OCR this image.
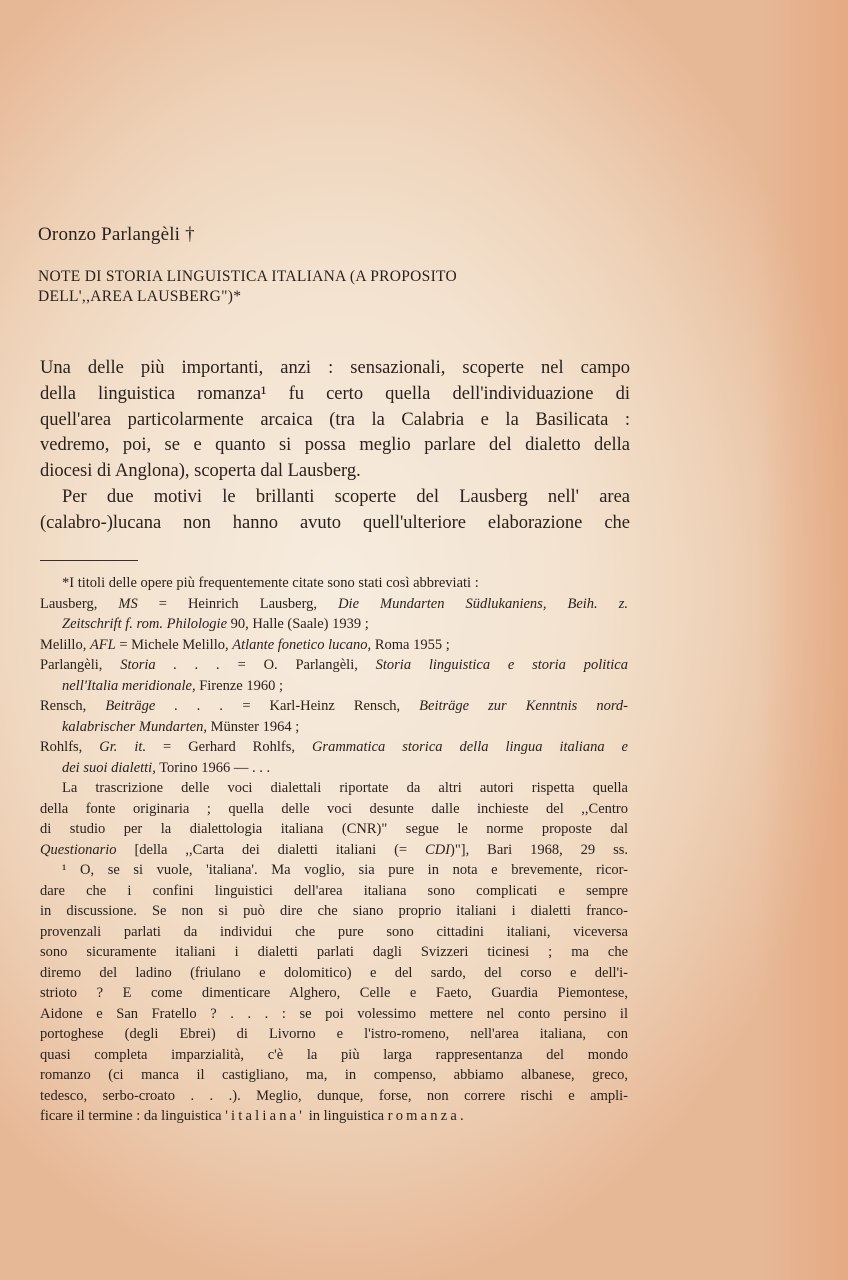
Oronzo Parlangèli †
NOTE DI STORIA LINGUISTICA ITALIANA (A PROPOSITO
DELL',,AREA LAUSBERG")*
Una delle più importanti, anzi : sensazionali, scoperte nel campo
della linguistica romanza¹ fu certo quella dell'individuazione di
quell'area particolarmente arcaica (tra la Calabria e la Basilicata :
vedremo, poi, se e quanto si possa meglio parlare del dialetto della
diocesi di Anglona), scoperta dal Lausberg.
Per due motivi le brillanti scoperte del Lausberg nell' area
(calabro-)lucana non hanno avuto quell'ulteriore elaborazione che
*I titoli delle opere più frequentemente citate sono stati così abbreviati :
Lausberg, MS = Heinrich Lausberg, Die Mundarten Südlukaniens, Beih. z.
Zeitschrift f. rom. Philologie 90, Halle (Saale) 1939 ;
Melillo, AFL = Michele Melillo, Atlante fonetico lucano, Roma 1955 ;
Parlangèli, Storia . . . = O. Parlangèli, Storia linguistica e storia politica
nell'Italia meridionale, Firenze 1960 ;
Rensch, Beiträge . . . = Karl-Heinz Rensch, Beiträge zur Kenntnis nord-
kalabrischer Mundarten, Münster 1964 ;
Rohlfs, Gr. it. = Gerhard Rohlfs, Grammatica storica della lingua italiana e
dei suoi dialetti, Torino 1966 — . . .
La trascrizione delle voci dialettali riportate da altri autori rispetta quella
della fonte originaria ; quella delle voci desunte dalle inchieste del ,,Centro
di studio per la dialettologia italiana (CNR)" segue le norme proposte dal
Questionario [della ,,Carta dei dialetti italiani (= CDI)"], Bari 1968, 29 ss.
¹ O, se si vuole, 'italiana'. Ma voglio, sia pure in nota e brevemente, ricor-
dare che i confini linguistici dell'area italiana sono complicati e sempre
in discussione. Se non si può dire che siano proprio italiani i dialetti franco-
provenzali parlati da individui che pure sono cittadini italiani, viceversa
sono sicuramente italiani i dialetti parlati dagli Svizzeri ticinesi ; ma che
diremo del ladino (friulano e dolomitico) e del sardo, del corso e dell'i-
strioto ? E come dimenticare Alghero, Celle e Faeto, Guardia Piemontese,
Aidone e San Fratello ? . . . : se poi volessimo mettere nel conto persino il
portoghese (degli Ebrei) di Livorno e l'istro-romeno, nell'area italiana, con
quasi completa imparzialità, c'è la più larga rappresentanza del mondo
romanzo (ci manca il castigliano, ma, in compenso, abbiamo albanese, greco,
tedesco, serbo-croato . . .). Meglio, dunque, forse, non correre rischi e ampli-
ficare il termine : da linguistica 'italiana' in linguistica romanza.
